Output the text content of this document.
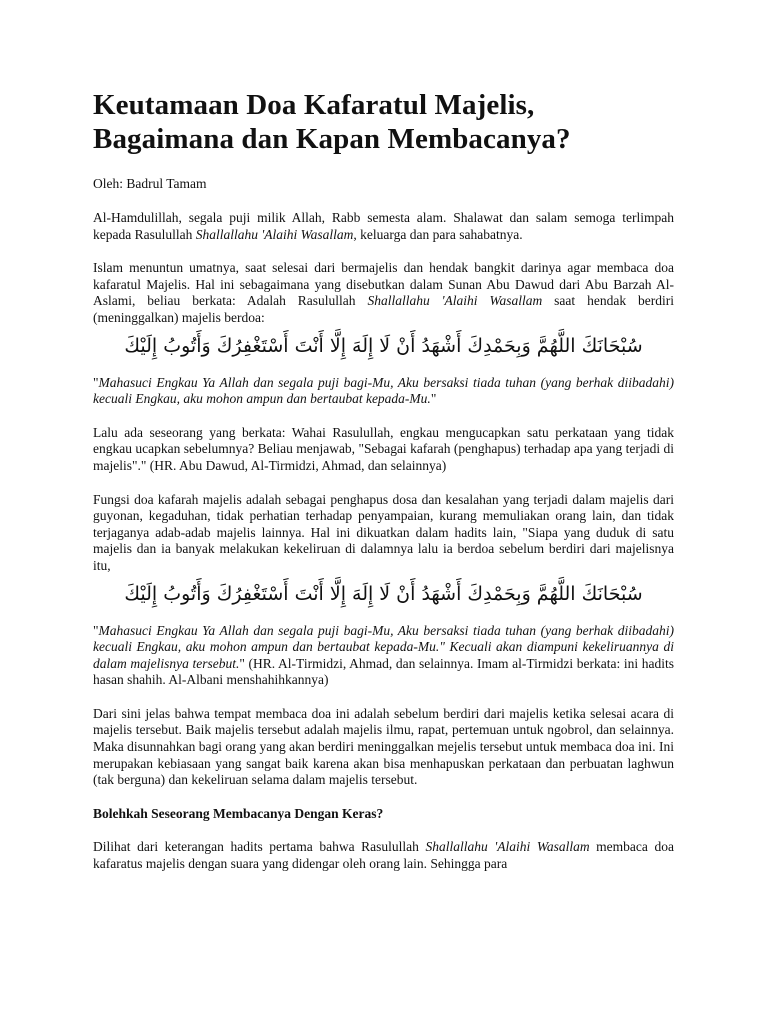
Keutamaan Doa Kafaratul Majelis,
Bagaimana dan Kapan Membacanya?
Oleh: Badrul Tamam

Al-Hamdulillah, segala puji milik Allah, Rabb semesta alam. Shalawat dan salam semoga terlimpah kepada Rasulullah Shallallahu 'Alaihi Wasallam, keluarga dan para sahabatnya.

Islam menuntun umatnya, saat selesai dari bermajelis dan hendak bangkit darinya agar membaca doa kafaratul Majelis. Hal ini sebagaimana yang disebutkan dalam Sunan Abu Dawud dari Abu Barzah Al-Aslami, beliau berkata: Adalah Rasulullah Shallallahu 'Alaihi Wasallam saat hendak berdiri (meninggalkan) majelis berdoa:

سُبْحَانَكَ اللَّهُمَّ وَبِحَمْدِكَ أَشْهَدُ أَنْ لَا إِلَهَ إِلَّا أَنْتَ أَسْتَغْفِرُكَ وَأَتُوبُ إِلَيْكَ

"Mahasuci Engkau Ya Allah dan segala puji bagi-Mu, Aku bersaksi tiada tuhan (yang berhak diibadahi) kecuali Engkau, aku mohon ampun dan bertaubat kepada-Mu."

Lalu ada seseorang yang berkata: Wahai Rasulullah, engkau mengucapkan satu perkataan yang tidak engkau ucapkan sebelumnya? Beliau menjawab, "Sebagai kafarah (penghapus) terhadap apa yang terjadi di majelis"." (HR. Abu Dawud, Al-Tirmidzi, Ahmad, dan selainnya)

Fungsi doa kafarah majelis adalah sebagai penghapus dosa dan kesalahan yang terjadi dalam majelis dari guyonan, kegaduhan, tidak perhatian terhadap penyampaian, kurang memuliakan orang lain, dan tidak terjaganya adab-adab majelis lainnya. Hal ini dikuatkan dalam hadits lain, "Siapa yang duduk di satu majelis dan ia banyak melakukan kekeliruan di dalamnya lalu ia berdoa sebelum berdiri dari majelisnya itu,

سُبْحَانَكَ اللَّهُمَّ وَبِحَمْدِكَ أَشْهَدُ أَنْ لَا إِلَهَ إِلَّا أَنْتَ أَسْتَغْفِرُكَ وَأَتُوبُ إِلَيْكَ

"Mahasuci Engkau Ya Allah dan segala puji bagi-Mu, Aku bersaksi tiada tuhan (yang berhak diibadahi) kecuali Engkau, aku mohon ampun dan bertaubat kepada-Mu." Kecuali akan diampuni kekeliruannya di dalam majelisnya tersebut." (HR. Al-Tirmidzi, Ahmad, dan selainnya. Imam al-Tirmidzi berkata: ini hadits hasan shahih. Al-Albani menshahihkannya)

Dari sini jelas bahwa tempat membaca doa ini adalah sebelum berdiri dari majelis ketika selesai acara di majelis tersebut. Baik majelis tersebut adalah majelis ilmu, rapat, pertemuan untuk ngobrol, dan selainnya. Maka disunnahkan bagi orang yang akan berdiri meninggalkan mejelis tersebut untuk membaca doa ini. Ini merupakan kebiasaan yang sangat baik karena akan bisa menhapuskan perkataan dan perbuatan laghwun (tak berguna) dan kekeliruan selama dalam majelis tersebut.

Bolehkah Seseorang Membacanya Dengan Keras?

Dilihat dari keterangan hadits pertama bahwa Rasulullah Shallallahu 'Alaihi Wasallam membaca doa kafaratus majelis dengan suara yang didengar oleh orang lain. Sehingga para
